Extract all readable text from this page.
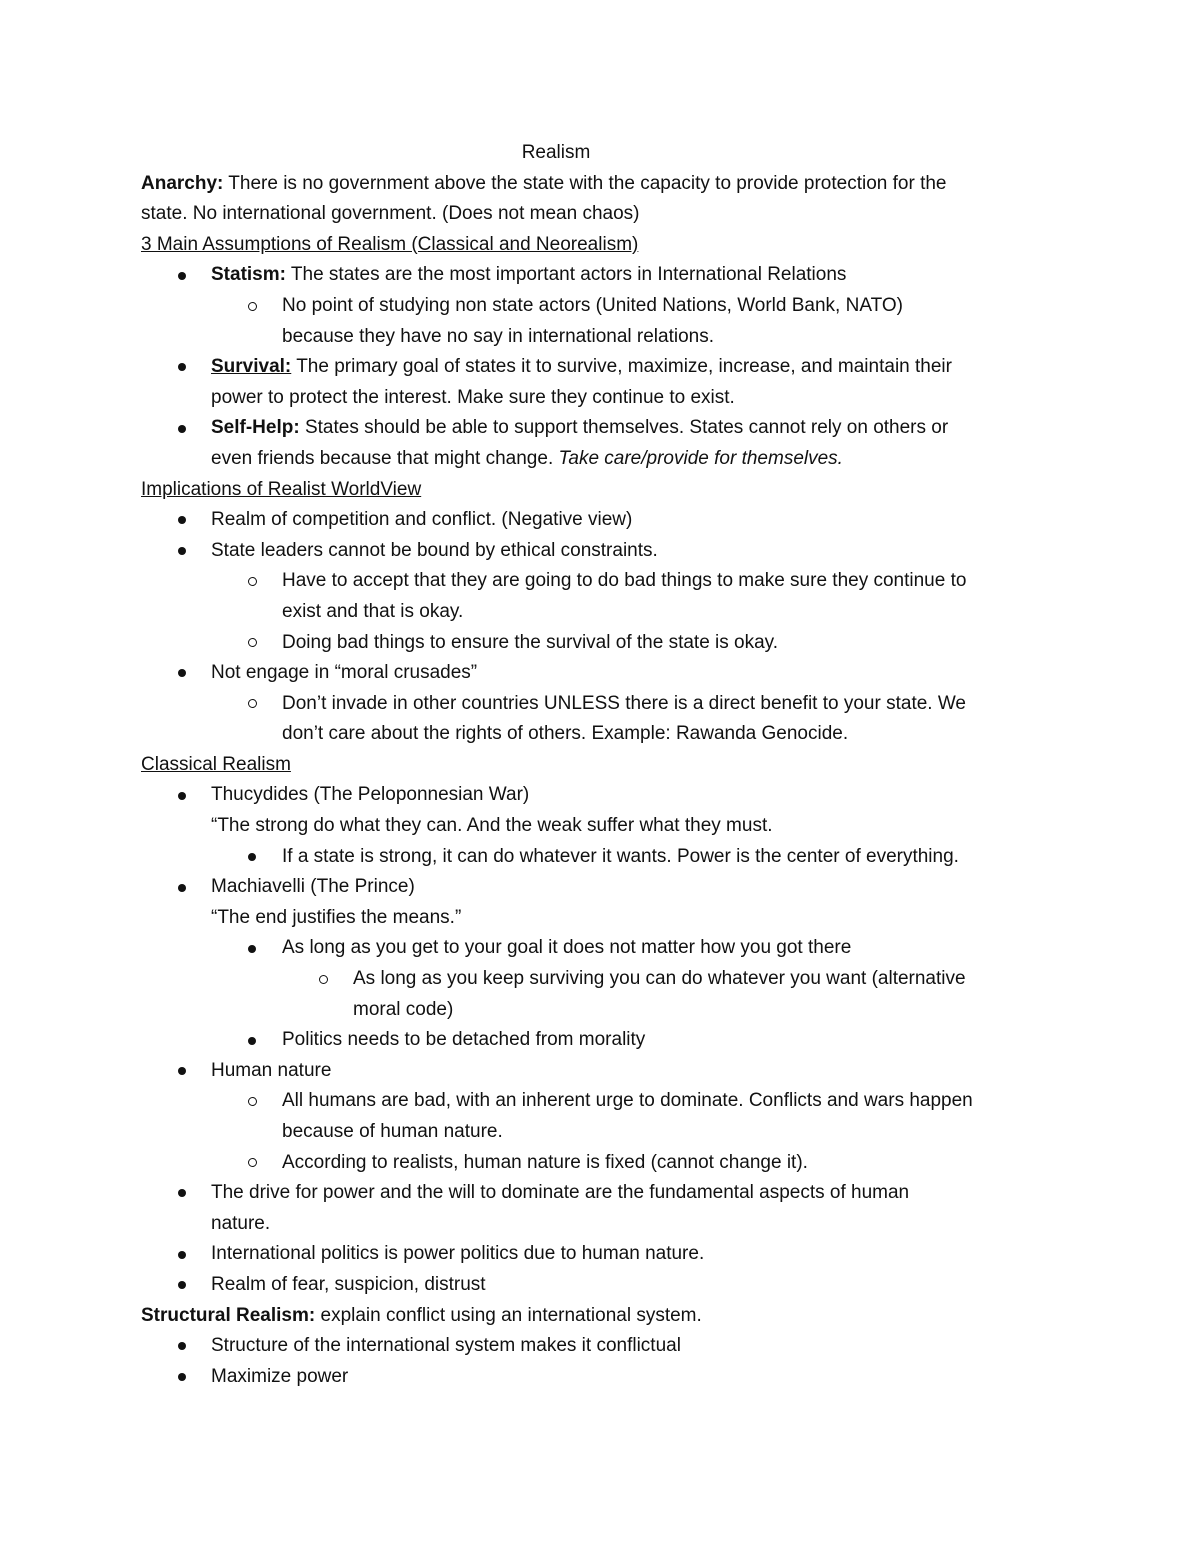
Realism
Anarchy: There is no government above the state with the capacity to provide protection for the
state. No international government. (Does not mean chaos)
3 Main Assumptions of Realism (Classical and Neorealism)
Statism: The states are the most important actors in International Relations
No point of studying non state actors (United Nations, World Bank, NATO)
because they have no say in international relations.
Survival: The primary goal of states it to survive, maximize, increase, and maintain their
power to protect the interest. Make sure they continue to exist.
Self-Help: States should be able to support themselves. States cannot rely on others or
even friends because that might change. Take care/provide for themselves.
Implications of Realist WorldView
Realm of competition and conflict. (Negative view)
State leaders cannot be bound by ethical constraints.
Have to accept that they are going to do bad things to make sure they continue to
exist and that is okay.
Doing bad things to ensure the survival of the state is okay.
Not engage in “moral crusades”
Don’t invade in other countries UNLESS there is a direct benefit to your state. We
don’t care about the rights of others. Example: Rawanda Genocide.
Classical Realism
Thucydides (The Peloponnesian War)
“The strong do what they can. And the weak suffer what they must.
If a state is strong, it can do whatever it wants. Power is the center of everything.
Machiavelli (The Prince)
“The end justifies the means.”
As long as you get to your goal it does not matter how you got there
As long as you keep surviving you can do whatever you want (alternative
moral code)
Politics needs to be detached from morality
Human nature
All humans are bad, with an inherent urge to dominate. Conflicts and wars happen
because of human nature.
According to realists, human nature is fixed (cannot change it).
The drive for power and the will to dominate are the fundamental aspects of human
nature.
International politics is power politics due to human nature.
Realm of fear, suspicion, distrust
Structural Realism: explain conflict using an international system.
Structure of the international system makes it conflictual
Maximize power
